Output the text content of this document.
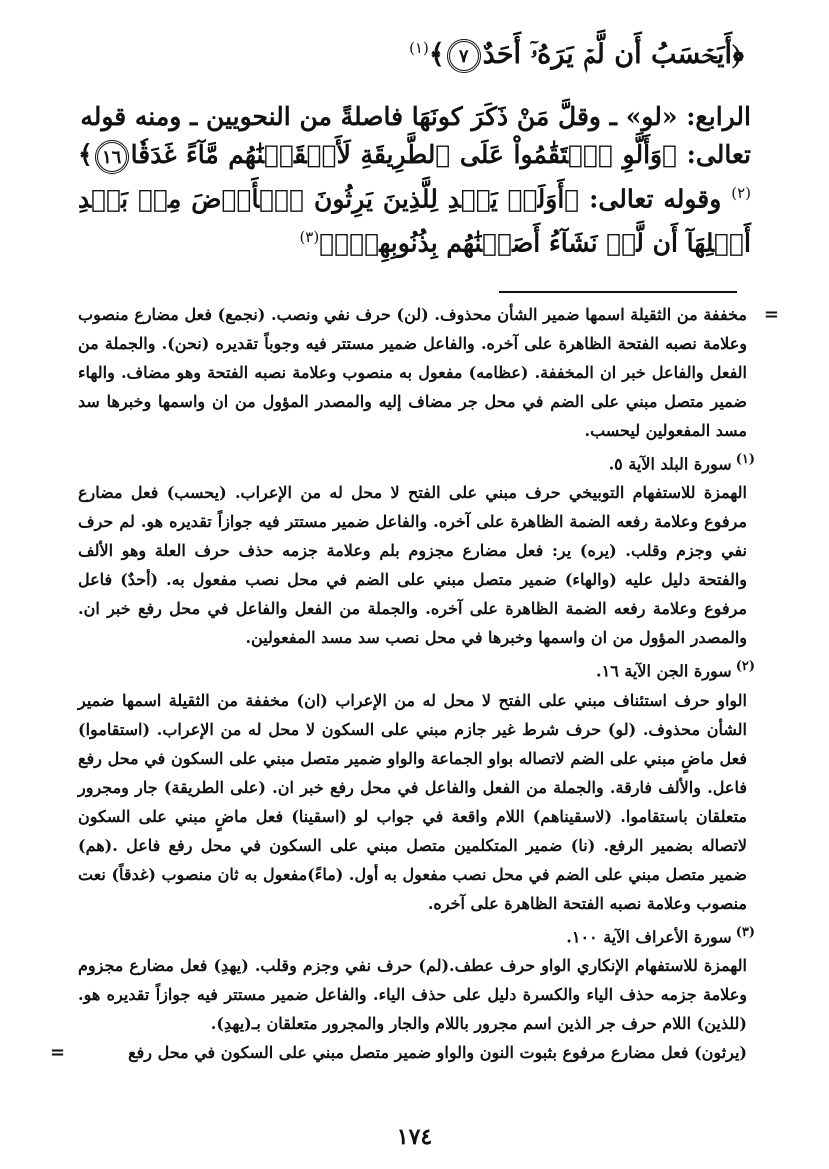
﴿أَيَحۡسَبُ أَن لَّمۡ يَرَهُۥٓ أَحَدٌ٧﴾$^{(١)}$

الرابع: «لو» ـ وقلَّ مَنْ ذَكَرَ كونَهَا فاصلةً من النحويين ـ ومنه قوله

تعالى: ﴿وَأَلَّوِ ٱسۡتَقَٰمُواْ عَلَى ٱلطَّرِيقَةِ لَأَسۡقَيۡنَٰهُم مَّآءً غَدَقٗا١٦﴾$^{(٢)}$ وقوله تعالى: ﴿أَوَلَمۡ يَهۡدِ لِلَّذِينَ يَرِثُونَ ٱلۡأَرۡضَ مِنۢ بَعۡدِ أَهۡلِهَآ أَن لَّوۡ نَشَآءُ أَصَبۡنَٰهُم بِذُنُوبِهِمۡۚ﴾$^{(٣)}$

=
مخففة من الثقيلة اسمها ضمير الشأن محذوف. (لن) حرف نفي ونصب. (نجمع) فعل مضارع منصوب وعلامة نصبه الفتحة الظاهرة على آخره. والفاعل ضمير مستتر فيه وجوباً تقديره (نحن). والجملة من الفعل والفاعل خبر ان المخففة. (عظامه) مفعول به منصوب وعلامة نصبه الفتحة وهو مضاف. والهاء ضمير متصل مبني على الضم في محل جر مضاف إليه والمصدر المؤول من ان واسمها وخبرها سد مسد المفعولين ليحسب.

$^{(١)}$سورة البلد الآية ٥.

الهمزة للاستفهام التوبيخي حرف مبني على الفتح لا محل له من الإعراب. (يحسب) فعل مضارع مرفوع وعلامة رفعه الضمة الظاهرة على آخره. والفاعل ضمير مستتر فيه جوازاً تقديره هو. لم حرف نفي وجزم وقلب. (يره) ير: فعل مضارع مجزوم بلم وعلامة جزمه حذف حرف العلة وهو الألف والفتحة دليل عليه (والهاء) ضمير متصل مبني على الضم في محل نصب مفعول به. (أحدٌ) فاعل مرفوع وعلامة رفعه الضمة الظاهرة على آخره. والجملة من الفعل والفاعل في محل رفع خبر ان. والمصدر المؤول من ان واسمها وخبرها في محل نصب سد مسد المفعولين.

$^{(٢)}$سورة الجن الآية ١٦.

الواو حرف استئناف مبني على الفتح لا محل له من الإعراب (ان) مخففة من الثقيلة اسمها ضمير الشأن محذوف. (لو) حرف شرط غير جازم مبني على السكون لا محل له من الإعراب. (استقاموا) فعل ماضٍ مبني على الضم لاتصاله بواو الجماعة والواو ضمير متصل مبني على السكون في محل رفع فاعل. والألف فارقة. والجملة من الفعل والفاعل في محل رفع خبر ان. (على الطريقة) جار ومجرور متعلقان باستقاموا. (لاسقيناهم) اللام واقعة في جواب لو (اسقينا) فعل ماضٍ مبني على السكون لاتصاله بضمير الرفع. (نا) ضمير المتكلمين متصل مبني على السكون في محل رفع فاعل .(هم) ضمير متصل مبني على الضم في محل نصب مفعول به أول. (ماءً)مفعول به ثان منصوب (غدقاً) نعت منصوب وعلامة نصبه الفتحة الظاهرة على آخره.

$^{(٣)}$سورة الأعراف الآية ١٠٠.

الهمزة للاستفهام الإنكاري الواو حرف عطف.(لم) حرف نفي وجزم وقلب. (يهدِ) فعل مضارع مجزوم وعلامة جزمه حذف الياء والكسرة دليل على حذف الياء. والفاعل ضمير مستتر فيه جوازاً تقديره هو. (للذين) اللام حرف جر الذين اسم مجرور باللام والجار والمجرور متعلقان بـ(يهدِ).

(يرثون) فعل مضارع مرفوع بثبوت النون والواو ضمير متصل مبني على السكون في محل رفع
=

١٧٤
